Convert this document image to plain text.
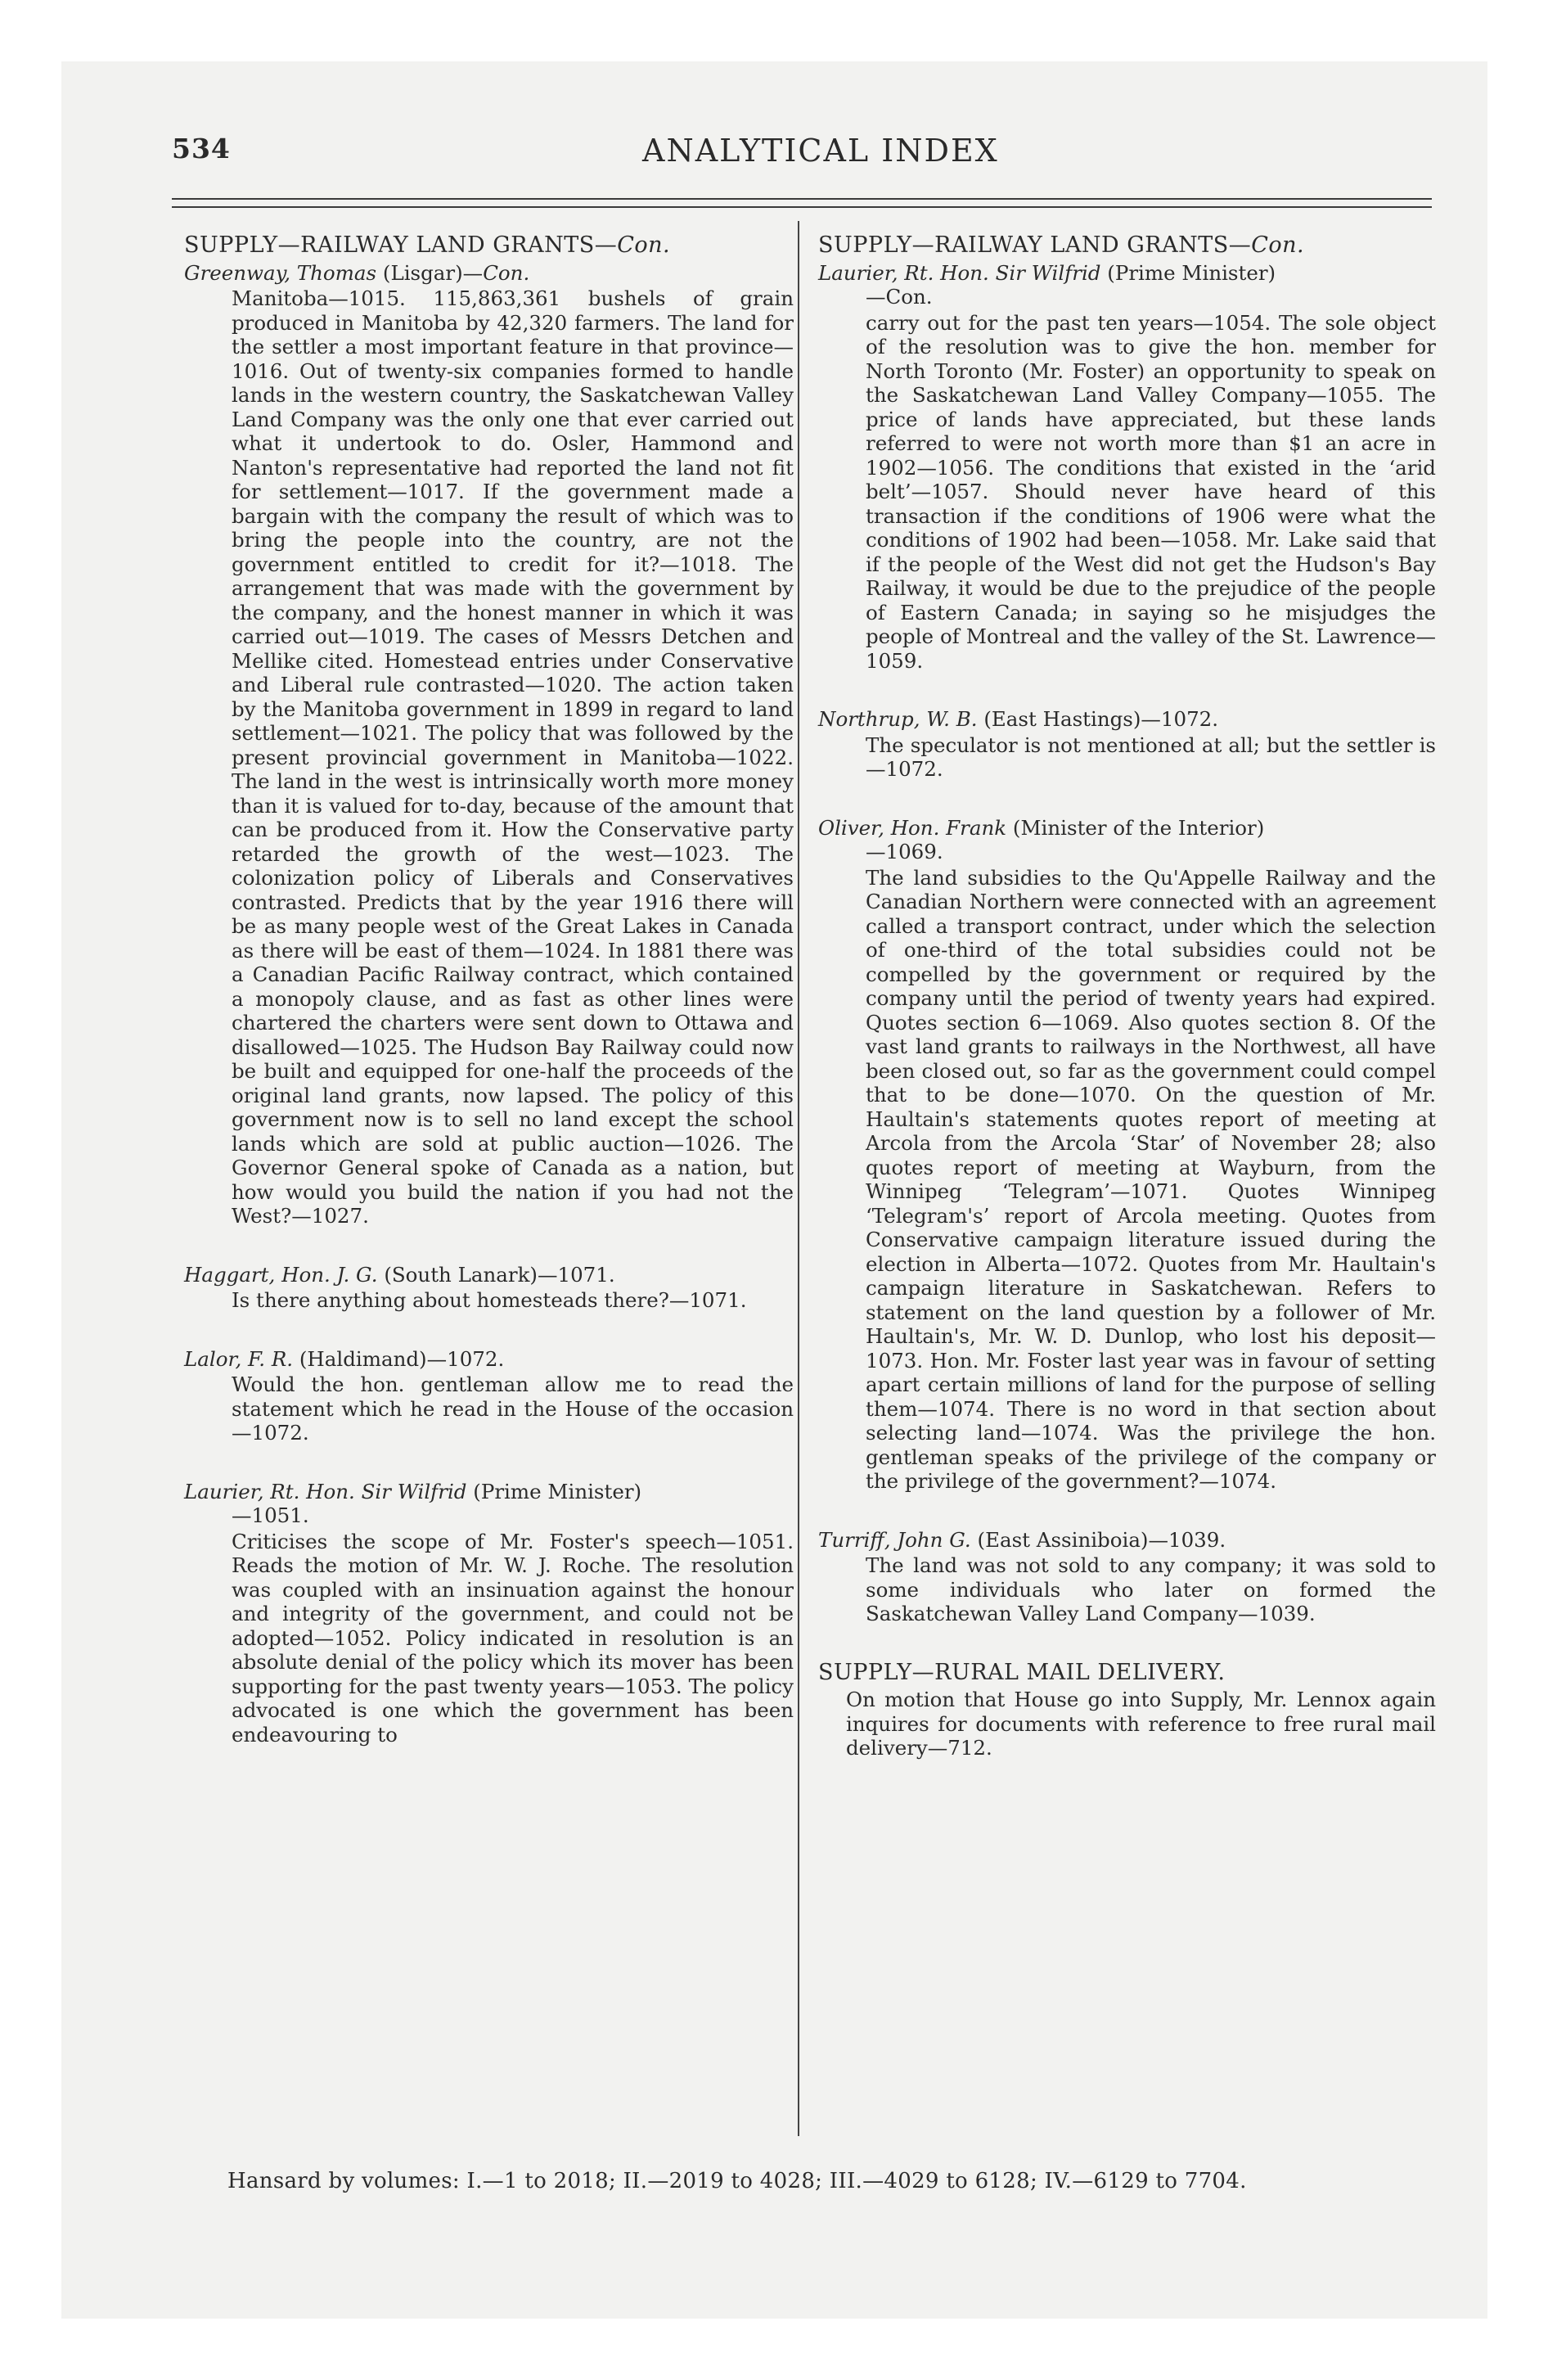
534	ANALYTICAL INDEX
SUPPLY—RAILWAY LAND GRANTS—Con.
Greenway, Thomas (Lisgar)—Con.
Manitoba—1015. 115,863,361 bushels of grain produced in Manitoba by 42,320 farmers. The land for the settler a most important feature in that province—1016. Out of twenty-six companies formed to handle lands in the western country, the Saskatchewan Valley Land Company was the only one that ever carried out what it undertook to do. Osler, Hammond and Nanton's representative had reported the land not fit for settlement—1017. If the government made a bargain with the company the result of which was to bring the people into the country, are not the government entitled to credit for it?—1018. The arrangement that was made with the government by the company, and the honest manner in which it was carried out—1019. The cases of Messrs Detchen and Mellike cited. Homestead entries under Conservative and Liberal rule contrasted—1020. The action taken by the Manitoba government in 1899 in regard to land settlement—1021. The policy that was followed by the present provincial government in Manitoba—1022. The land in the west is intrinsically worth more money than it is valued for to-day, because of the amount that can be produced from it. How the Conservative party retarded the growth of the west—1023. The colonization policy of Liberals and Conservatives contrasted. Predicts that by the year 1916 there will be as many people west of the Great Lakes in Canada as there will be east of them—1024. In 1881 there was a Canadian Pacific Railway contract, which contained a monopoly clause, and as fast as other lines were chartered the charters were sent down to Ottawa and disallowed—1025. The Hudson Bay Railway could now be built and equipped for one-half the proceeds of the original land grants, now lapsed. The policy of this government now is to sell no land except the school lands which are sold at public auction—1026. The Governor General spoke of Canada as a nation, but how would you build the nation if you had not the West?—1027.
Haggart, Hon. J. G. (South Lanark)—1071.
Is there anything about homesteads there?—1071.
Lalor, F. R. (Haldimand)—1072.
Would the hon. gentleman allow me to read the statement which he read in the House of the occasion—1072.
Laurier, Rt. Hon. Sir Wilfrid (Prime Minister)
—1051.
Criticises the scope of Mr. Foster's speech—1051. Reads the motion of Mr. W. J. Roche. The resolution was coupled with an insinuation against the honour and integrity of the government, and could not be adopted—1052. Policy indicated in resolution is an absolute denial of the policy which its mover has been supporting for the past twenty years—1053. The policy advocated is one which the government has been endeavouring to
SUPPLY—RAILWAY LAND GRANTS—Con.
Laurier, Rt. Hon. Sir Wilfrid (Prime Minister)
—Con.
carry out for the past ten years—1054. The sole object of the resolution was to give the hon. member for North Toronto (Mr. Foster) an opportunity to speak on the Saskatchewan Land Valley Company—1055. The price of lands have appreciated, but these lands referred to were not worth more than $1 an acre in 1902—1056. The conditions that existed in the ‘arid belt’—1057. Should never have heard of this transaction if the conditions of 1906 were what the conditions of 1902 had been—1058. Mr. Lake said that if the people of the West did not get the Hudson's Bay Railway, it would be due to the prejudice of the people of Eastern Canada; in saying so he misjudges the people of Montreal and the valley of the St. Lawrence—1059.
Northrup, W. B. (East Hastings)—1072.
The speculator is not mentioned at all; but the settler is—1072.
Oliver, Hon. Frank (Minister of the Interior)
—1069.
The land subsidies to the Qu'Appelle Railway and the Canadian Northern were connected with an agreement called a transport contract, under which the selection of one-third of the total subsidies could not be compelled by the government or required by the company until the period of twenty years had expired. Quotes section 6—1069. Also quotes section 8. Of the vast land grants to railways in the Northwest, all have been closed out, so far as the government could compel that to be done—1070. On the question of Mr. Haultain's statements quotes report of meeting at Arcola from the Arcola ‘Star’ of November 28; also quotes report of meeting at Wayburn, from the Winnipeg ‘Telegram’—1071. Quotes Winnipeg ‘Telegram's’ report of Arcola meeting. Quotes from Conservative campaign literature issued during the election in Alberta—1072. Quotes from Mr. Haultain's campaign literature in Saskatchewan. Refers to statement on the land question by a follower of Mr. Haultain's, Mr. W. D. Dunlop, who lost his deposit—1073. Hon. Mr. Foster last year was in favour of setting apart certain millions of land for the purpose of selling them—1074. There is no word in that section about selecting land—1074. Was the privilege the hon. gentleman speaks of the privilege of the company or the privilege of the government?—1074.
Turriff, John G. (East Assiniboia)—1039.
The land was not sold to any company; it was sold to some individuals who later on formed the Saskatchewan Valley Land Company—1039.
SUPPLY—RURAL MAIL DELIVERY.
On motion that House go into Supply, Mr. Lennox again inquires for documents with reference to free rural mail delivery—712.
Hansard by volumes: I.—1 to 2018; II.—2019 to 4028; III.—4029 to 6128; IV.—6129 to 7704.
